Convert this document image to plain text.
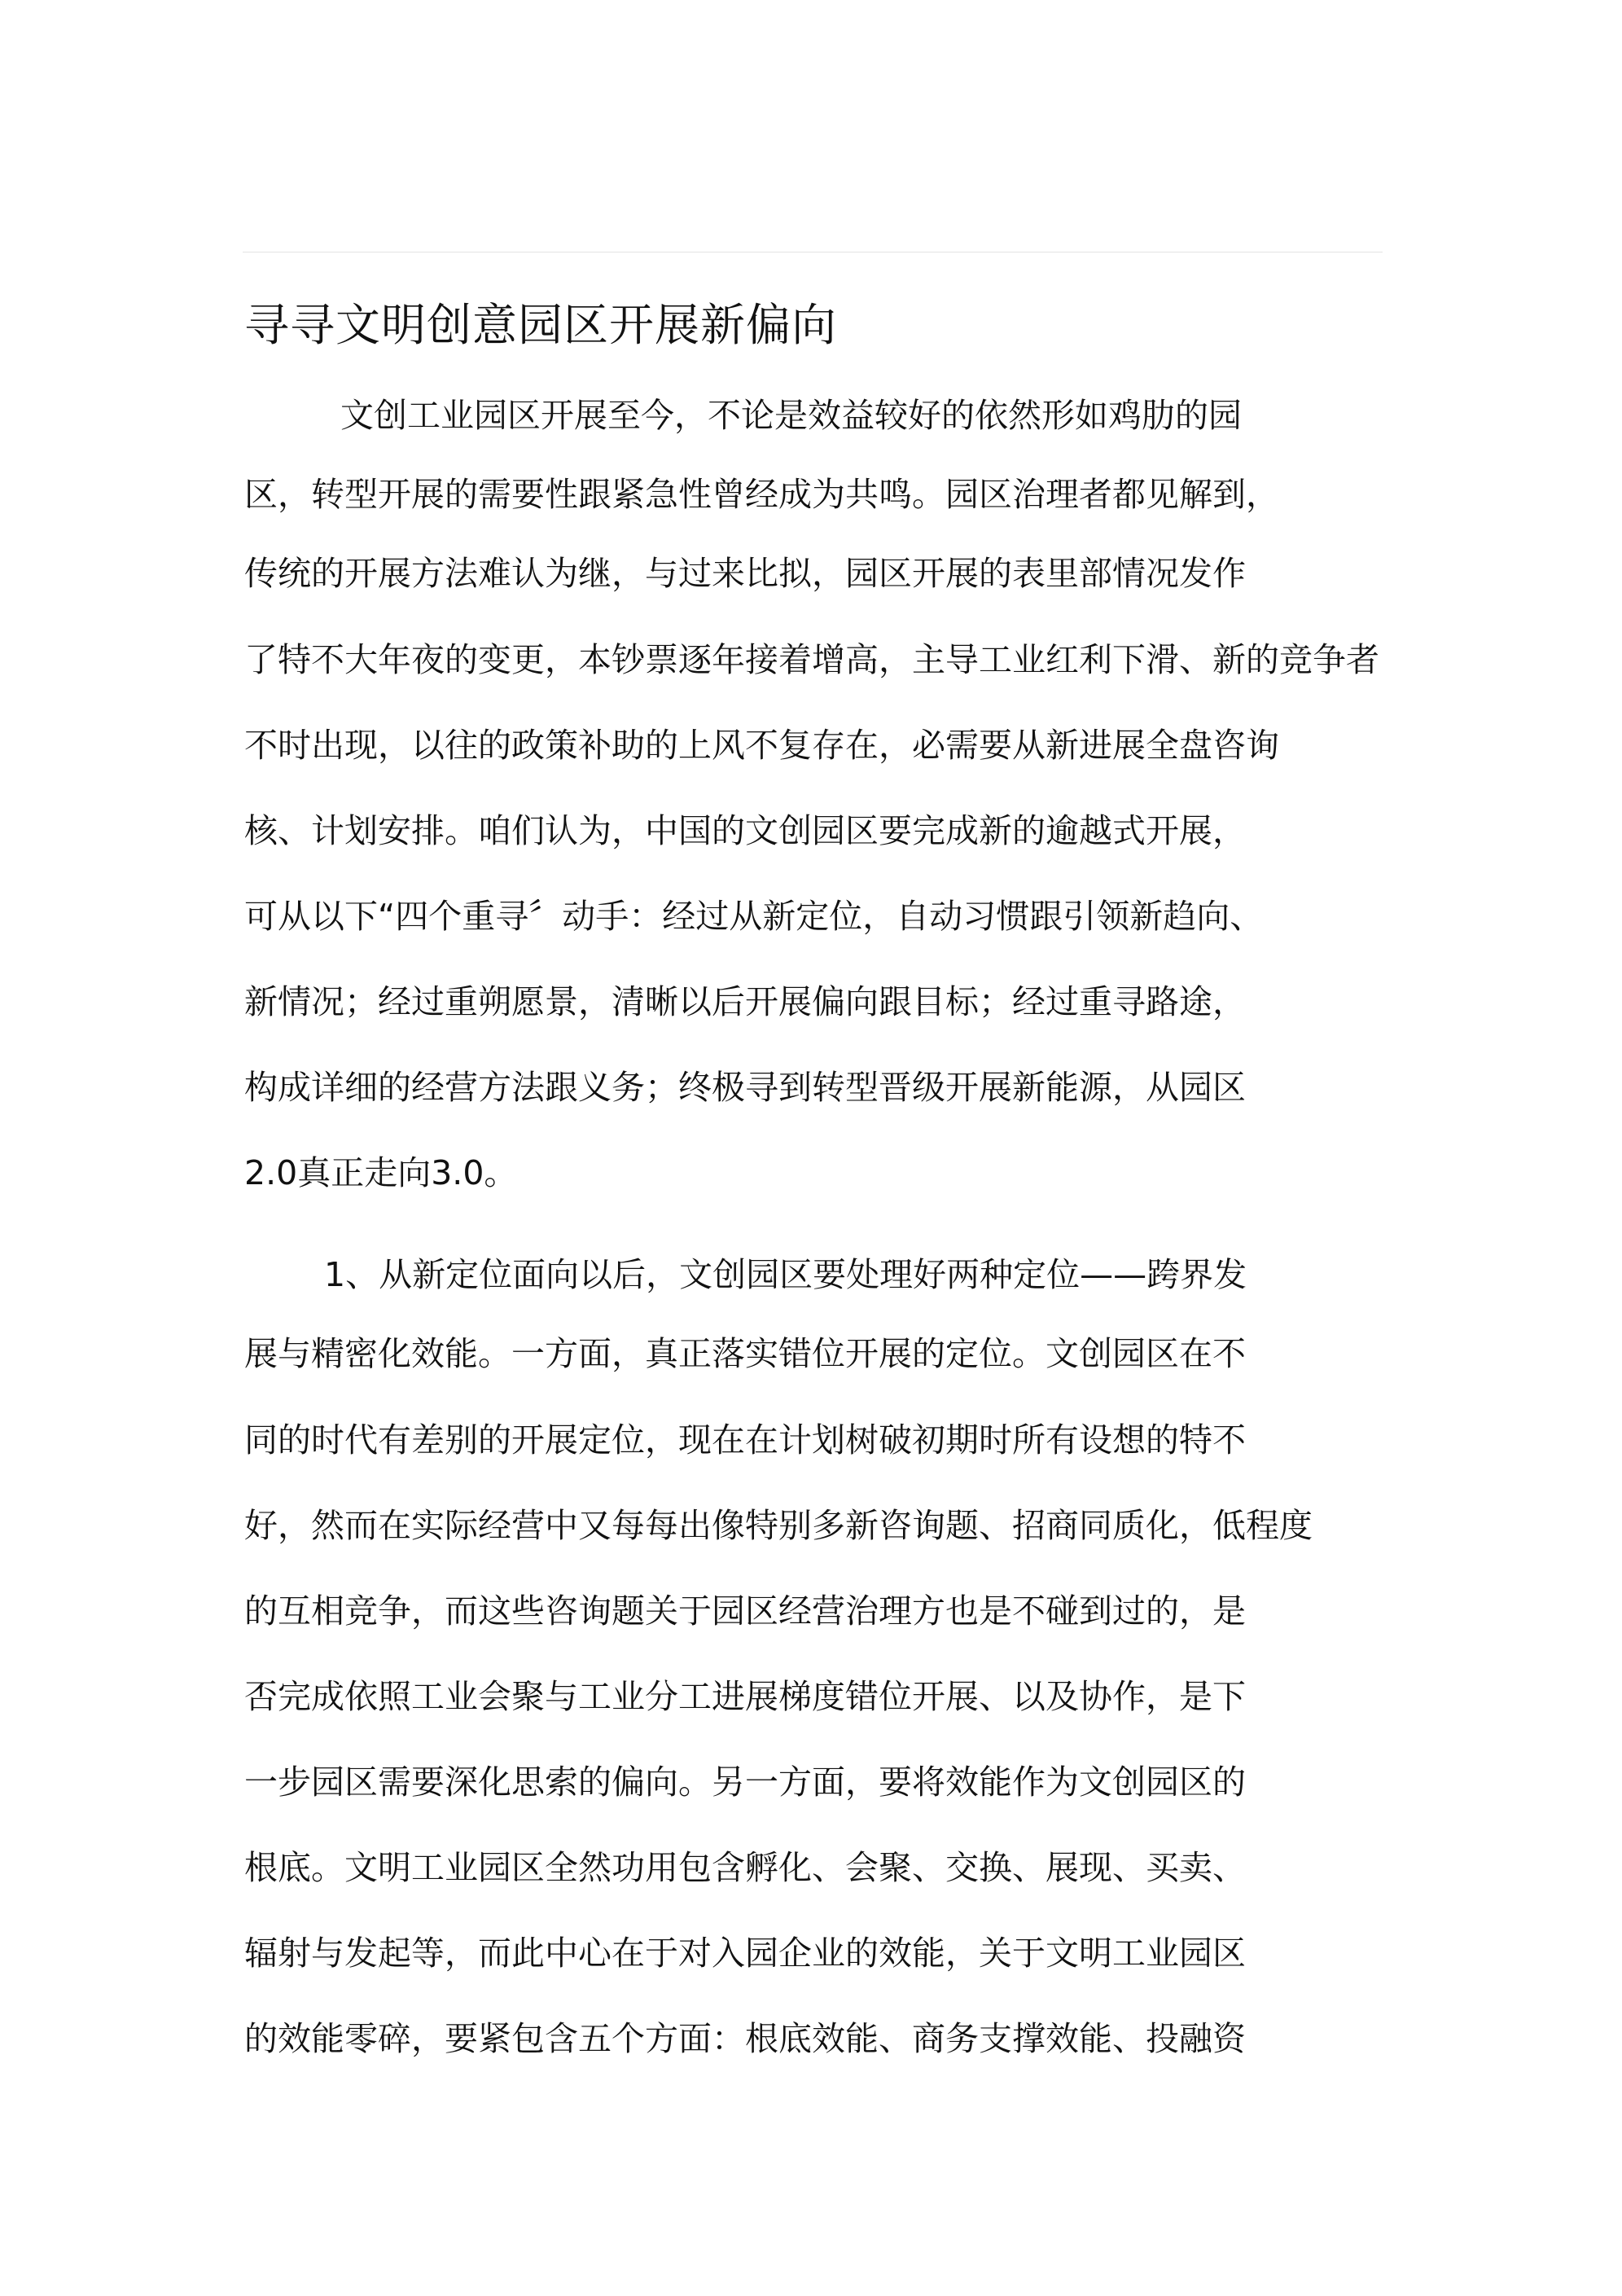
寻寻文明创意园区开展新偏向

文创工业园区开展至今，不论是效益较好的依然形如鸡肋的园

区，转型开展的需要性跟紧急性曾经成为共鸣。园区治理者都见解到，

传统的开展方法难认为继，与过来比拟，园区开展的表里部情况发作

了特不大年夜的变更，本钞票逐年接着增高，主导工业红利下滑、新的竞争者

不时出现，以往的政策补助的上风不复存在，必需要从新进展全盘咨询

核、计划安排。咱们认为，中国的文创园区要完成新的逾越式开展，

可从以下“四个重寻〞动手：经过从新定位，自动习惯跟引领新趋向、

新情况；经过重朔愿景，清晰以后开展偏向跟目标；经过重寻路途，

构成详细的经营方法跟义务；终极寻到转型晋级开展新能源，从园区

2.0真正走向3.0。

1、从新定位面向以后，文创园区要处理好两种定位——跨界发

展与精密化效能。一方面，真正落实错位开展的定位。文创园区在不

同的时代有差别的开展定位，现在在计划树破初期时所有设想的特不

好，然而在实际经营中又每每出像特别多新咨询题、招商同质化，低程度

的互相竞争，而这些咨询题关于园区经营治理方也是不碰到过的，是

否完成依照工业会聚与工业分工进展梯度错位开展、以及协作，是下

一步园区需要深化思索的偏向。另一方面，要将效能作为文创园区的

根底。文明工业园区全然功用包含孵化、会聚、交换、展现、买卖、

辐射与发起等，而此中心在于对入园企业的效能，关于文明工业园区

的效能零碎，要紧包含五个方面：根底效能、商务支撑效能、投融资
